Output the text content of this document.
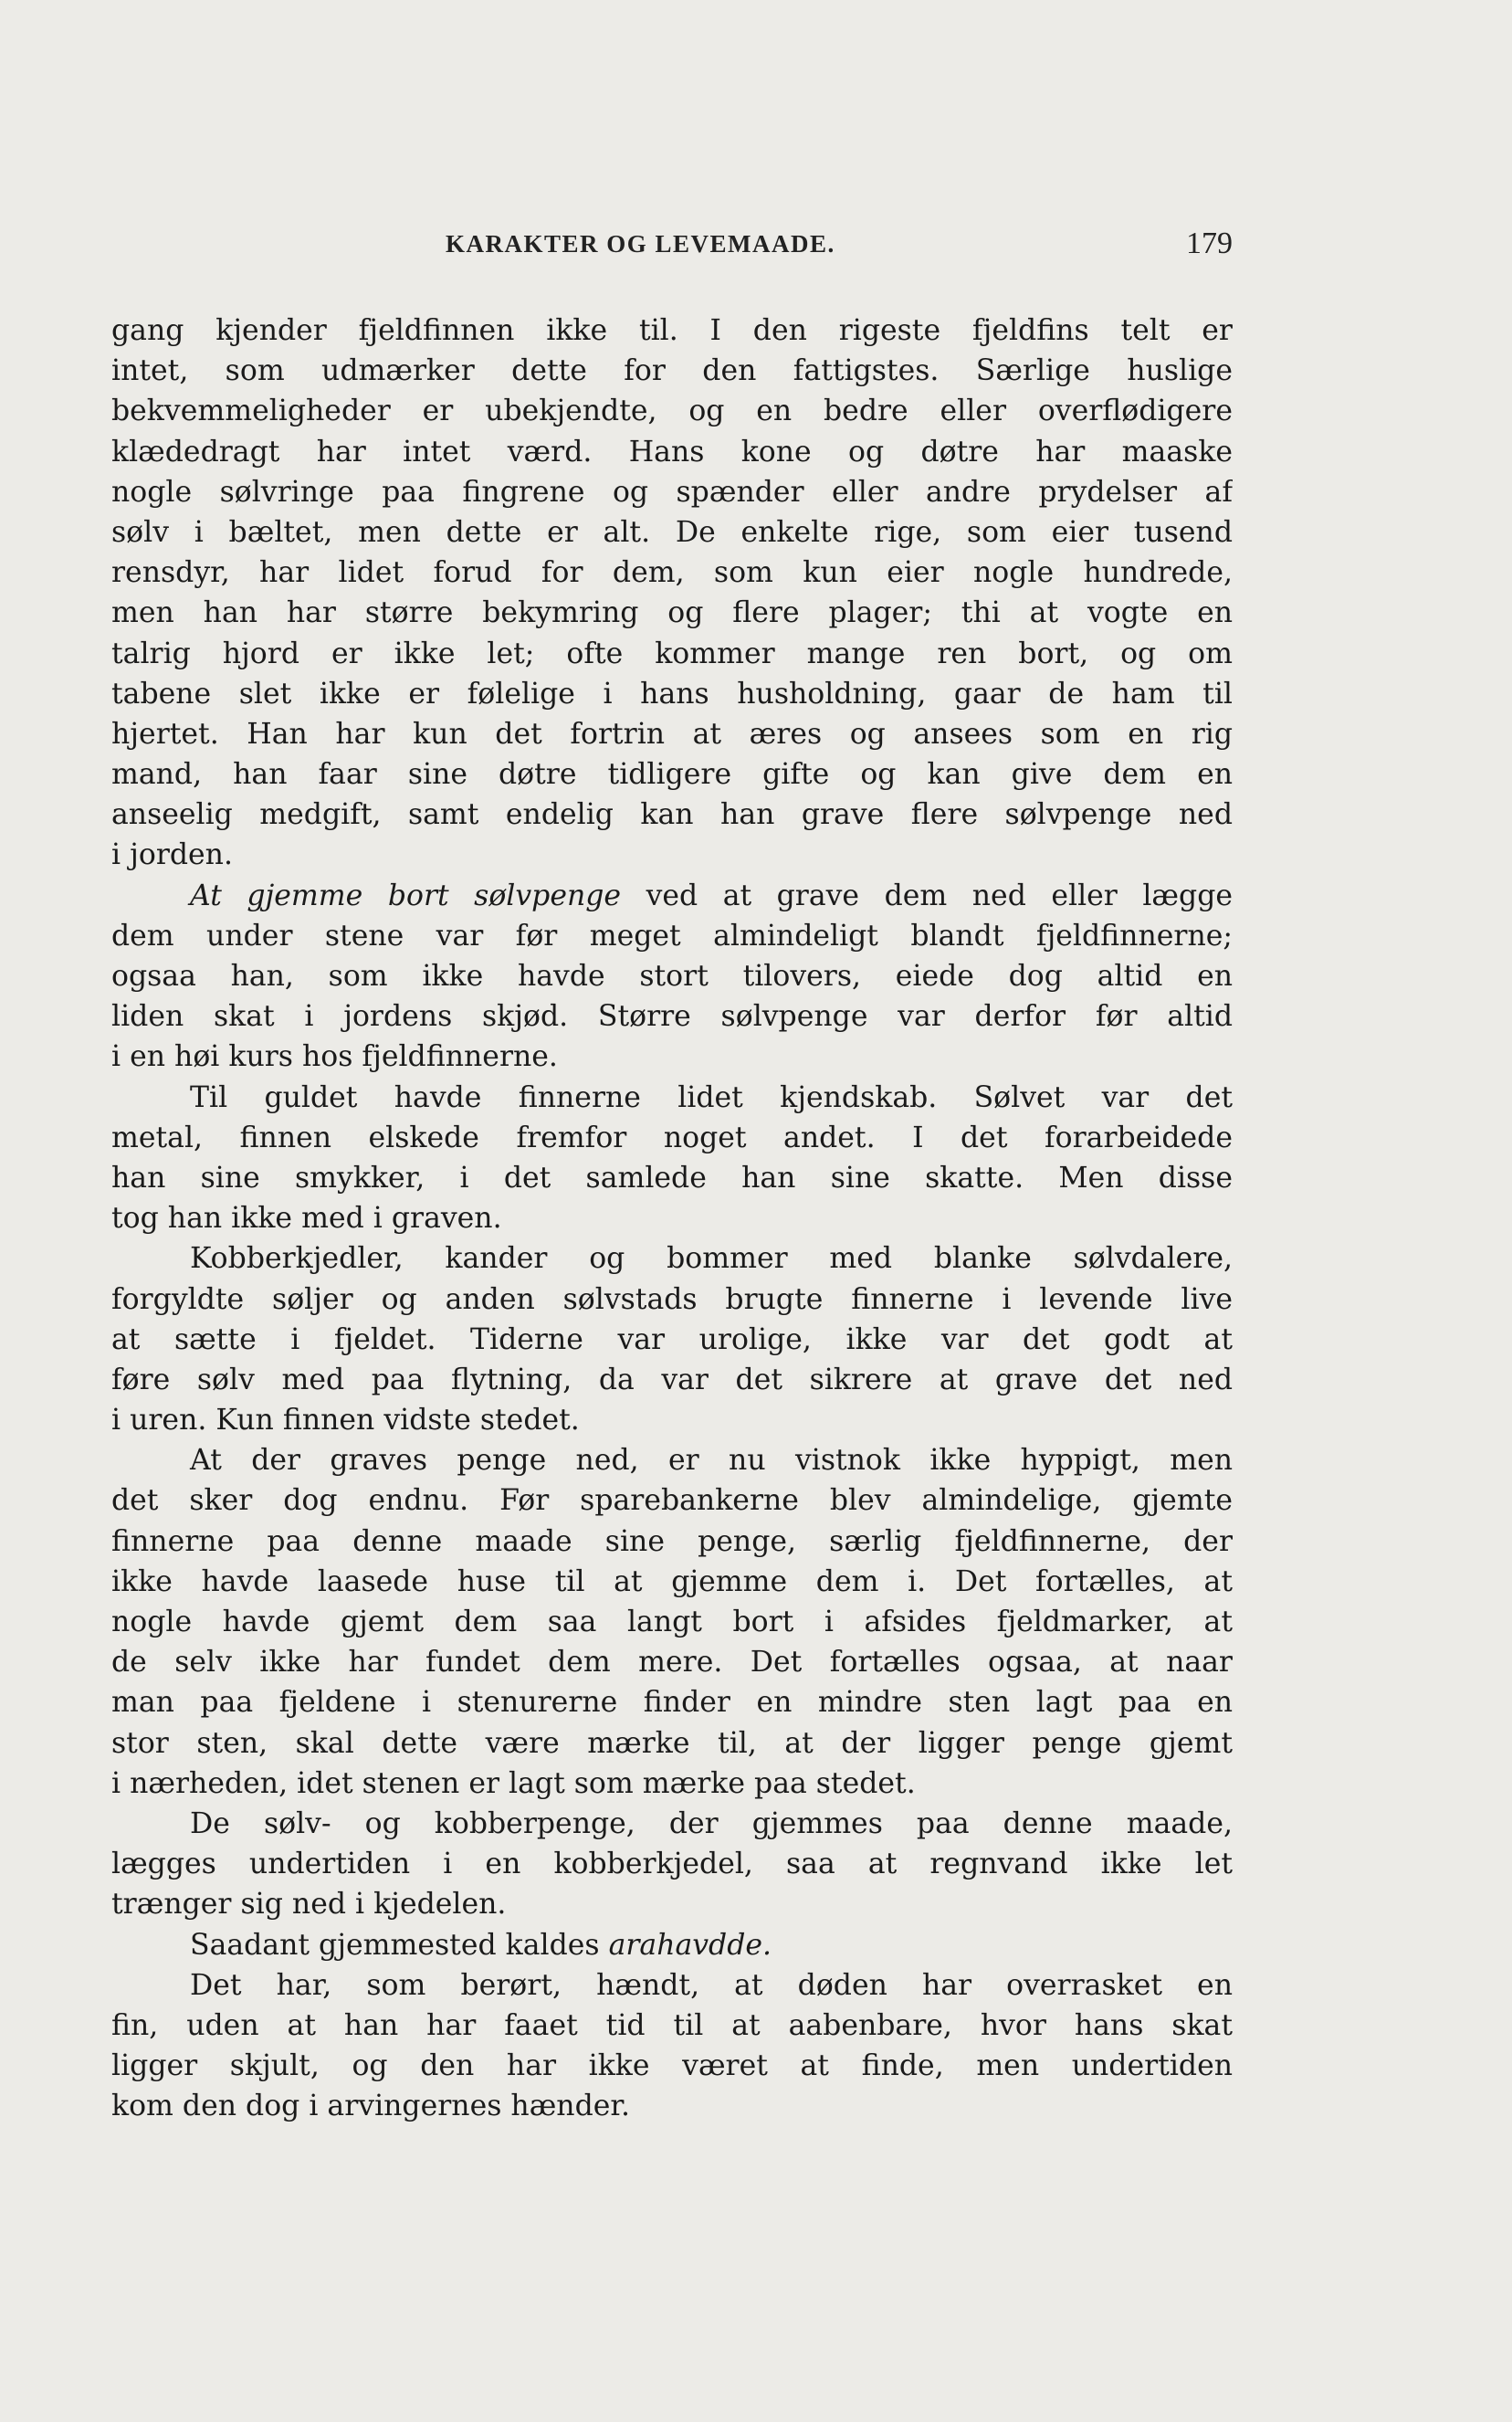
KARAKTER OG LEVEMAADE.	179
gang kjender fjeldfinnen ikke til. I den rigeste fjeldfins telt er
intet, som udmærker dette for den fattigstes. Særlige huslige
bekvemmeligheder er ubekjendte, og en bedre eller overflødigere
klædedragt har intet værd. Hans kone og døtre har maaske
nogle sølvringe paa fingrene og spænder eller andre prydelser af
sølv i bæltet, men dette er alt. De enkelte rige, som eier tusend
rensdyr, har lidet forud for dem, som kun eier nogle hundrede,
men han har større bekymring og flere plager; thi at vogte en
talrig hjord er ikke let; ofte kommer mange ren bort, og om
tabene slet ikke er følelige i hans husholdning, gaar de ham til
hjertet. Han har kun det fortrin at æres og ansees som en rig
mand, han faar sine døtre tidligere gifte og kan give dem en
anseelig medgift, samt endelig kan han grave flere sølvpenge ned
i jorden.
At gjemme bort sølvpenge ved at grave dem ned eller lægge
dem under stene var før meget almindeligt blandt fjeldfinnerne;
ogsaa han, som ikke havde stort tilovers, eiede dog altid en
liden skat i jordens skjød. Større sølvpenge var derfor før altid
i en høi kurs hos fjeldfinnerne.
Til guldet havde finnerne lidet kjendskab. Sølvet var det
metal, finnen elskede fremfor noget andet. I det forarbeidede
han sine smykker, i det samlede han sine skatte. Men disse
tog han ikke med i graven.
Kobberkjedler, kander og bommer med blanke sølvdalere,
forgyldte søljer og anden sølvstads brugte finnerne i levende live
at sætte i fjeldet. Tiderne var urolige, ikke var det godt at
føre sølv med paa flytning, da var det sikrere at grave det ned
i uren. Kun finnen vidste stedet.
At der graves penge ned, er nu vistnok ikke hyppigt, men
det sker dog endnu. Før sparebankerne blev almindelige, gjemte
finnerne paa denne maade sine penge, særlig fjeldfinnerne, der
ikke havde laasede huse til at gjemme dem i. Det fortælles, at
nogle havde gjemt dem saa langt bort i afsides fjeldmarker, at
de selv ikke har fundet dem mere. Det fortælles ogsaa, at naar
man paa fjeldene i stenurerne finder en mindre sten lagt paa en
stor sten, skal dette være mærke til, at der ligger penge gjemt
i nærheden, idet stenen er lagt som mærke paa stedet.
De sølv- og kobberpenge, der gjemmes paa denne maade,
lægges undertiden i en kobberkjedel, saa at regnvand ikke let
trænger sig ned i kjedelen.
Saadant gjemmested kaldes arahavdde.
Det har, som berørt, hændt, at døden har overrasket en
fin, uden at han har faaet tid til at aabenbare, hvor hans skat
ligger skjult, og den har ikke været at finde, men undertiden
kom den dog i arvingernes hænder.
